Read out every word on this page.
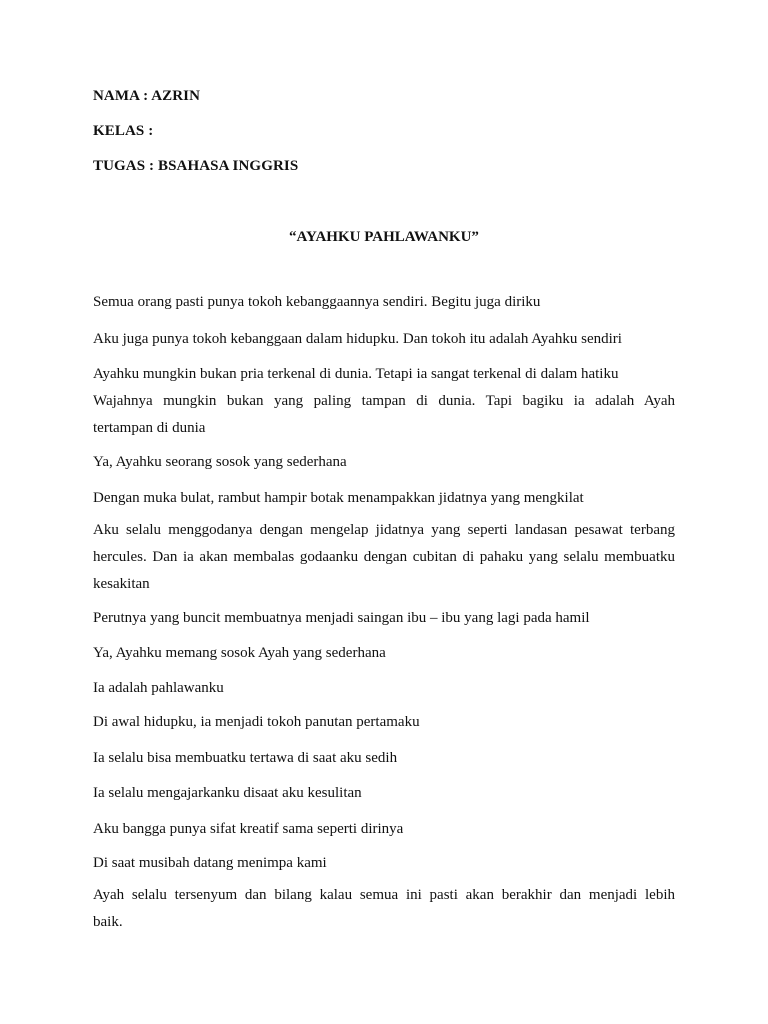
NAMA : AZRIN
KELAS :
TUGAS : BSAHASA INGGRIS
“AYAHKU PAHLAWANKU”
Semua orang pasti punya tokoh kebanggaannya sendiri. Begitu juga diriku
Aku juga punya tokoh kebanggaan dalam hidupku. Dan tokoh itu adalah Ayahku sendiri
Ayahku mungkin bukan pria terkenal di dunia. Tetapi ia sangat terkenal di dalam hatiku
Wajahnya mungkin bukan yang paling tampan di dunia. Tapi bagiku ia adalah Ayah
tertampan di dunia
Ya, Ayahku seorang sosok yang sederhana
Dengan muka bulat, rambut hampir botak menampakkan jidatnya yang mengkilat
Aku selalu menggodanya dengan mengelap jidatnya yang seperti landasan pesawat terbang
hercules. Dan ia akan membalas godaanku dengan cubitan di pahaku yang selalu membuatku
kesakitan
Perutnya yang buncit membuatnya menjadi saingan ibu – ibu yang lagi pada hamil
Ya, Ayahku memang sosok Ayah yang sederhana
Ia adalah pahlawanku
Di awal hidupku, ia menjadi tokoh panutan pertamaku
Ia selalu bisa membuatku tertawa di saat aku sedih
Ia selalu mengajarkanku disaat aku kesulitan
Aku bangga punya sifat kreatif sama seperti dirinya
Di saat musibah datang menimpa kami
Ayah selalu tersenyum dan bilang kalau semua ini pasti akan berakhir dan menjadi lebih
baik.
